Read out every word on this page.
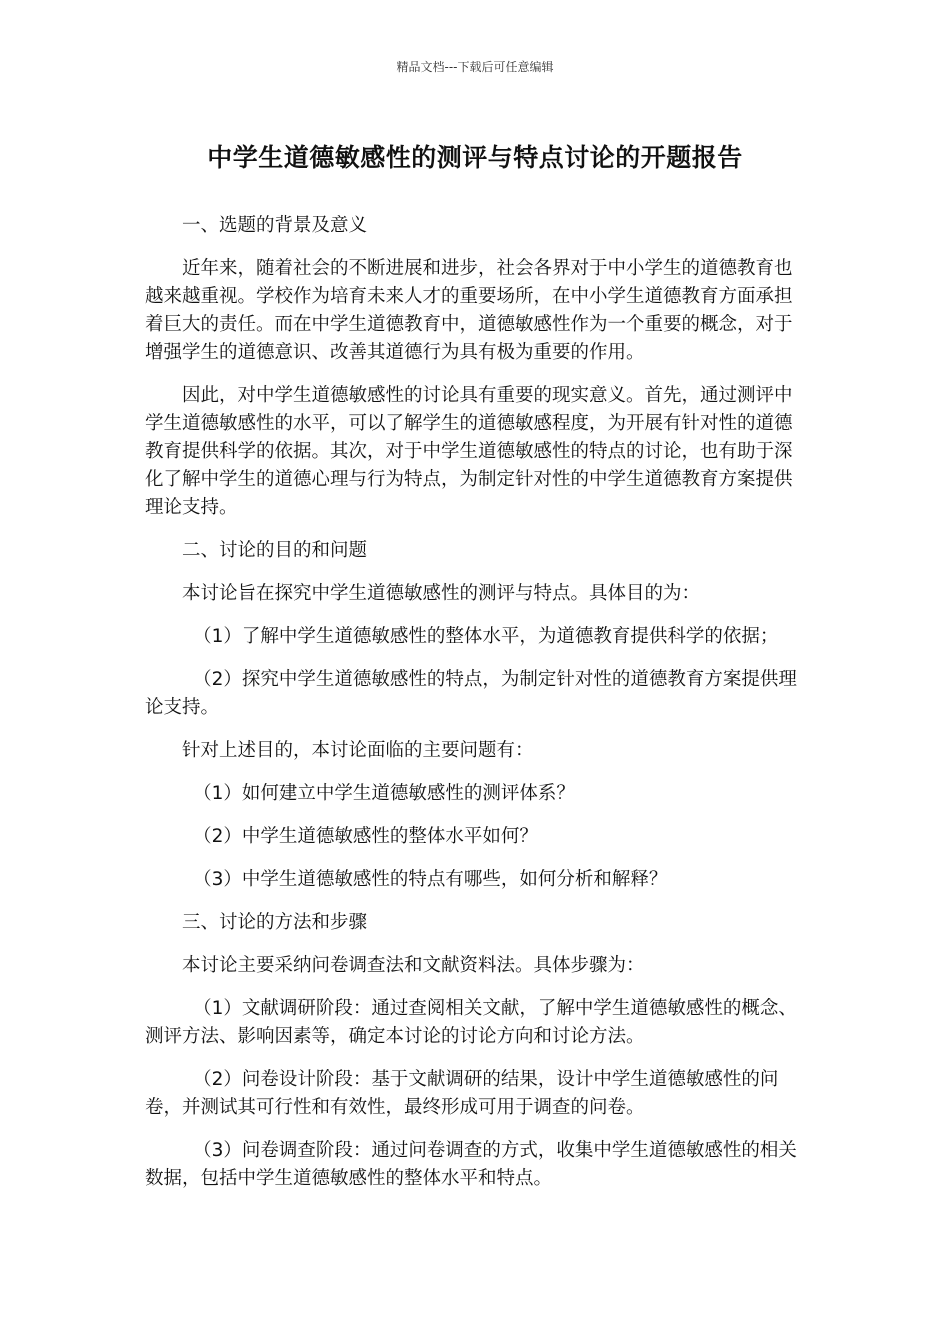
精品文档---下载后可任意编辑
中学生道德敏感性的测评与特点讨论的开题报告

一、选题的背景及意义

近年来，随着社会的不断进展和进步，社会各界对于中小学生的道德教育也越来越重视。学校作为培育未来人才的重要场所，在中小学生道德教育方面承担着巨大的责任。而在中学生道德教育中，道德敏感性作为一个重要的概念，对于增强学生的道德意识、改善其道德行为具有极为重要的作用。

因此，对中学生道德敏感性的讨论具有重要的现实意义。首先，通过测评中学生道德敏感性的水平，可以了解学生的道德敏感程度，为开展有针对性的道德教育提供科学的依据。其次，对于中学生道德敏感性的特点的讨论，也有助于深化了解中学生的道德心理与行为特点，为制定针对性的中学生道德教育方案提供理论支持。

二、讨论的目的和问题

本讨论旨在探究中学生道德敏感性的测评与特点。具体目的为：

（1）了解中学生道德敏感性的整体水平，为道德教育提供科学的依据；

（2）探究中学生道德敏感性的特点，为制定针对性的道德教育方案提供理论支持。

针对上述目的，本讨论面临的主要问题有：

（1）如何建立中学生道德敏感性的测评体系？

（2）中学生道德敏感性的整体水平如何？

（3）中学生道德敏感性的特点有哪些，如何分析和解释？

三、讨论的方法和步骤

本讨论主要采纳问卷调查法和文献资料法。具体步骤为：

（1）文献调研阶段：通过查阅相关文献，了解中学生道德敏感性的概念、测评方法、影响因素等，确定本讨论的讨论方向和讨论方法。

（2）问卷设计阶段：基于文献调研的结果，设计中学生道德敏感性的问卷，并测试其可行性和有效性，最终形成可用于调查的问卷。

（3）问卷调查阶段：通过问卷调查的方式，收集中学生道德敏感性的相关数据，包括中学生道德敏感性的整体水平和特点。
